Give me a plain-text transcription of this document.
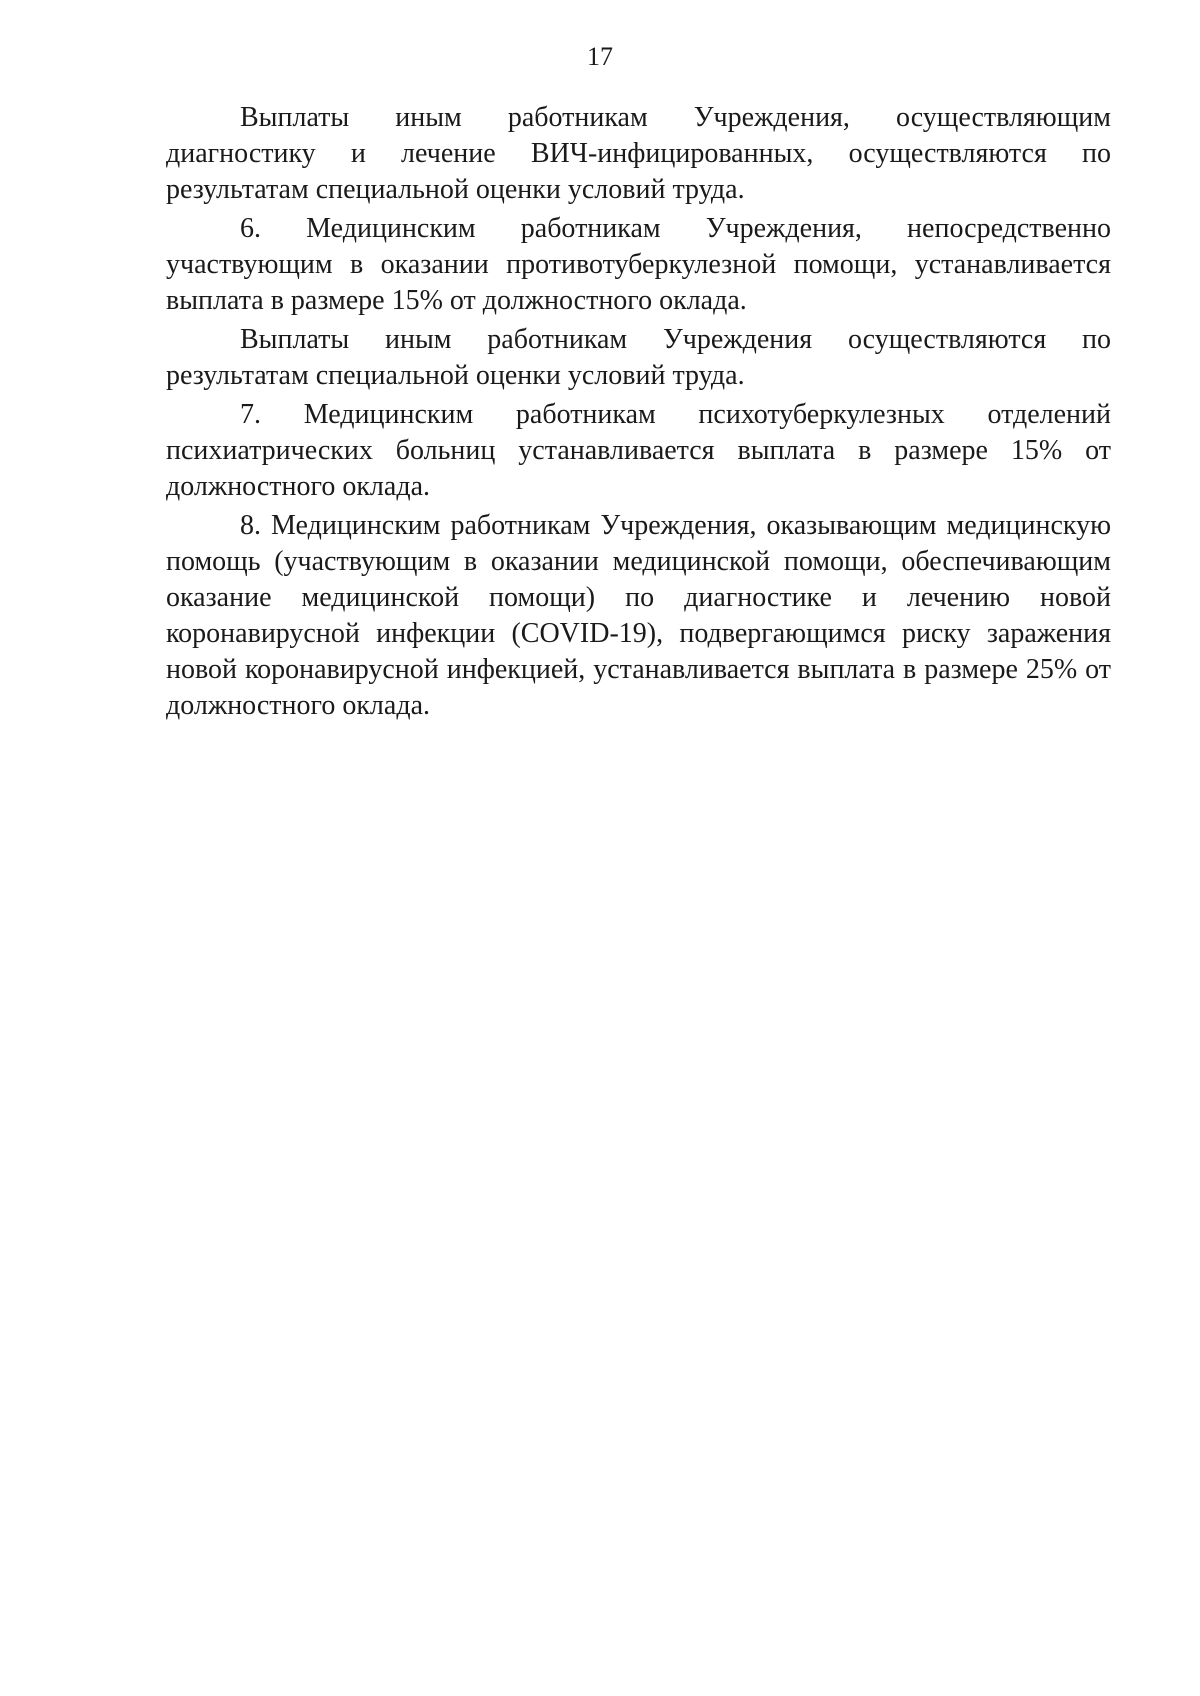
17

Выплаты иным работникам Учреждения, осуществляющим диагностику и лечение ВИЧ-инфицированных, осуществляются по результатам специальной оценки условий труда.

6. Медицинским работникам Учреждения, непосредственно участвующим в оказании противотуберкулезной помощи, устанавливается выплата в размере 15% от должностного оклада.

Выплаты иным работникам Учреждения осуществляются по результатам специальной оценки условий труда.

7. Медицинским работникам психотуберкулезных отделений психиатрических больниц устанавливается выплата в размере 15% от должностного оклада.

8. Медицинским работникам Учреждения, оказывающим медицинскую помощь (участвующим в оказании медицинской помощи, обеспечивающим оказание медицинской помощи) по диагностике и лечению новой коронавирусной инфекции (COVID-19), подвергающимся риску заражения новой коронавирусной инфекцией, устанавливается выплата в размере 25% от должностного оклада.
